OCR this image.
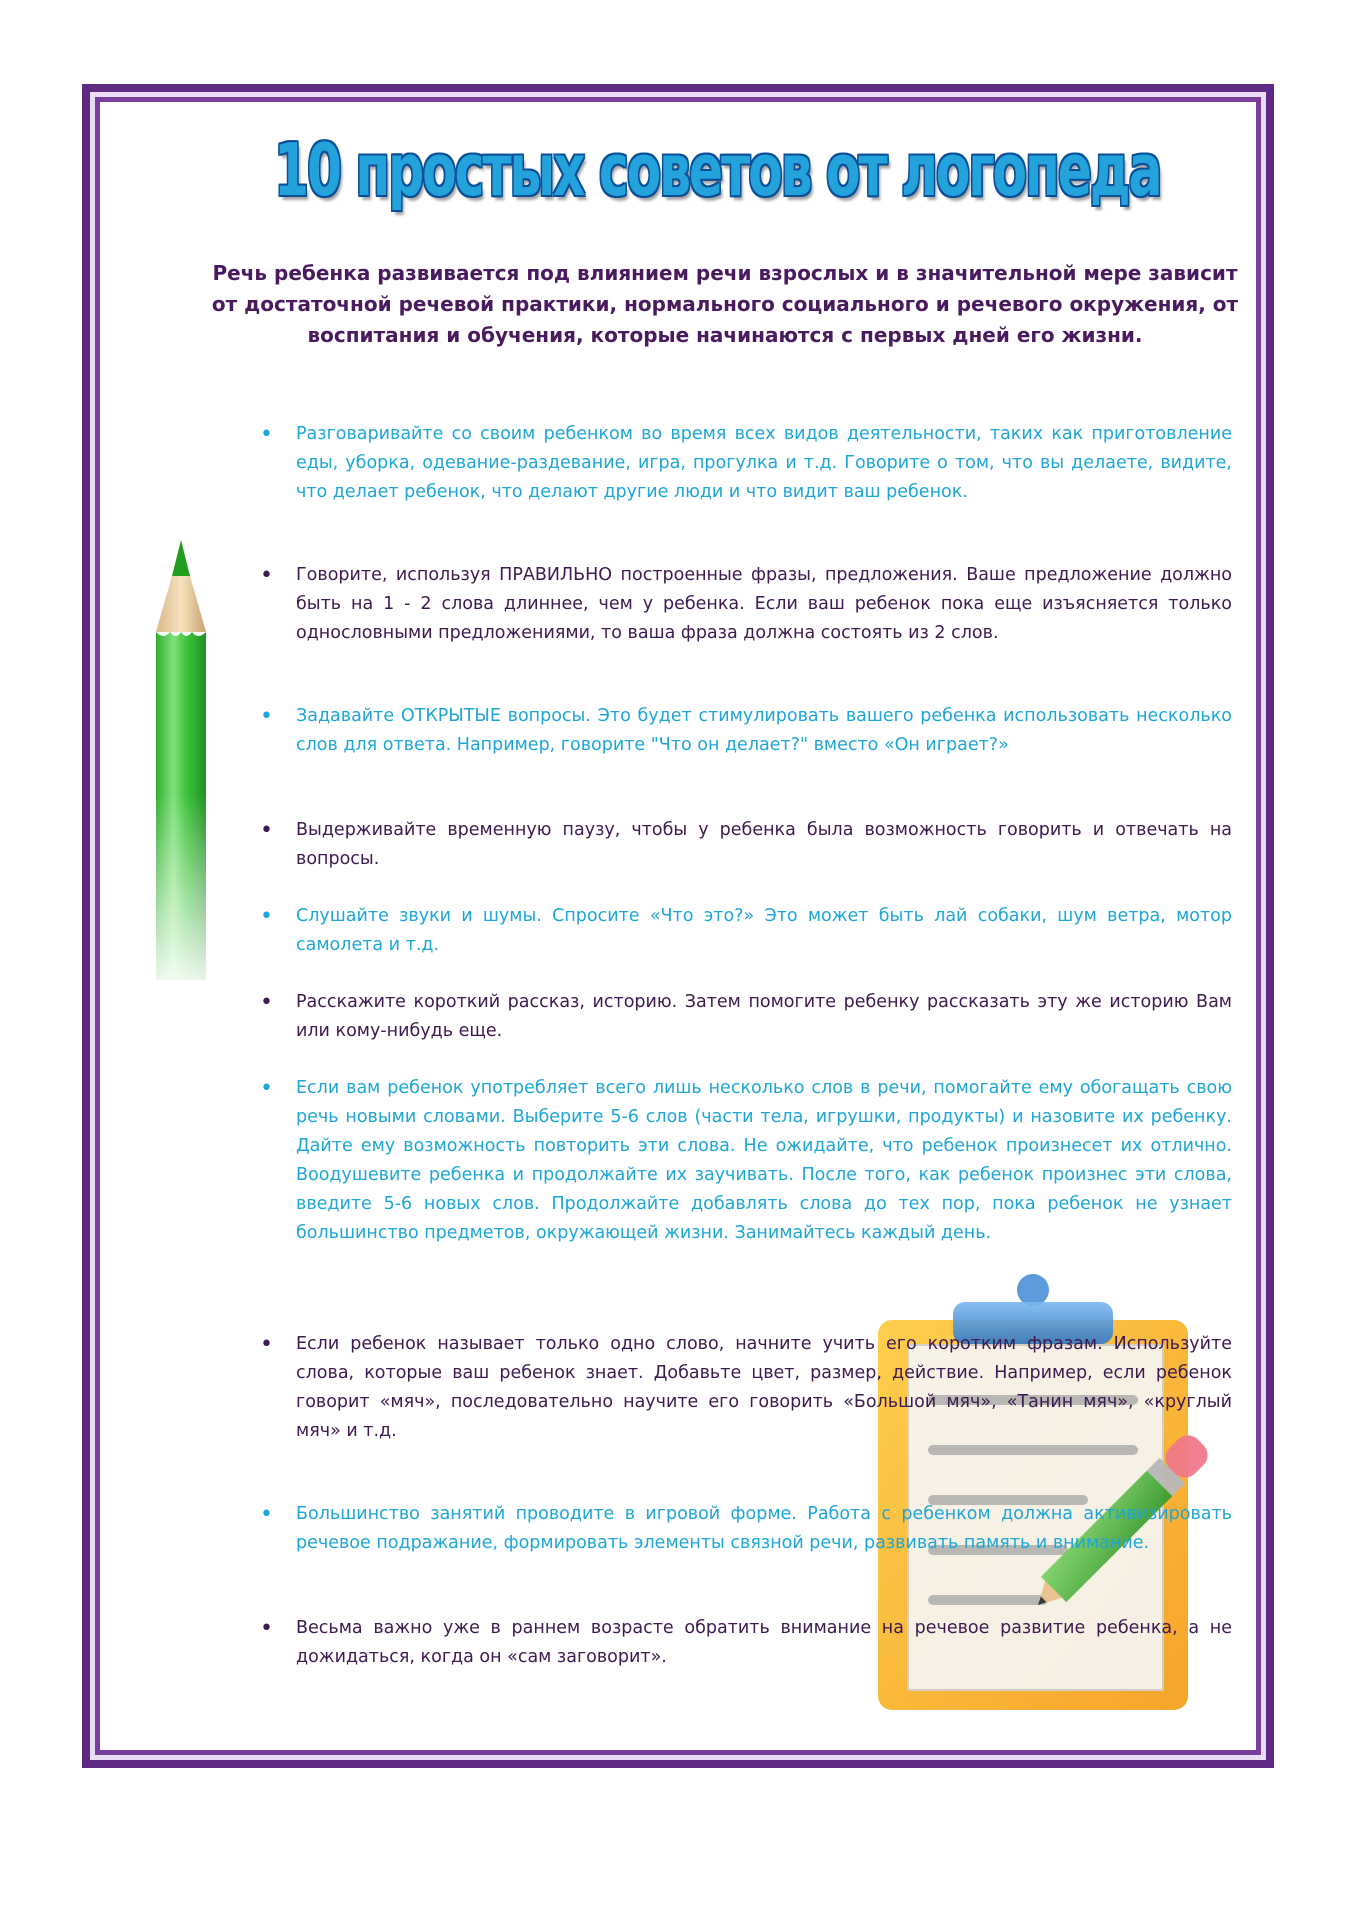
10 простых советов от логопеда
Речь ребенка развивается под влиянием речи взрослых и в значительной мере зависит от достаточной речевой практики, нормального социального и речевого окружения, от воспитания и обучения, которые начинаются с первых дней его жизни.
• Разговаривайте со своим ребенком во время всех видов деятельности, таких как приготовление еды, уборка, одевание-раздевание, игра, прогулка и т.д. Говорите о том, что вы делаете, видите, что делает ребенок, что делают другие люди и что видит ваш ребенок.
• Говорите, используя ПРАВИЛЬНО построенные фразы, предложения. Ваше предложение должно быть на 1 - 2 слова длиннее, чем у ребенка. Если ваш ребенок пока еще изъясняется только однословными предложениями, то ваша фраза должна состоять из 2 слов.
• Задавайте ОТКРЫТЫЕ вопросы. Это будет стимулировать вашего ребенка использовать несколько слов для ответа. Например, говорите "Что он делает?" вместо «Он играет?»
• Выдерживайте временную паузу, чтобы у ребенка была возможность говорить и отвечать на вопросы.
• Слушайте звуки и шумы. Спросите «Что это?» Это может быть лай собаки, шум ветра, мотор самолета и т.д.
• Расскажите короткий рассказ, историю. Затем помогите ребенку рассказать эту же историю Вам или кому-нибудь еще.
• Если вам ребенок употребляет всего лишь несколько слов в речи, помогайте ему обогащать свою речь новыми словами. Выберите 5-6 слов (части тела, игрушки, продукты) и назовите их ребенку. Дайте ему возможность повторить эти слова. Не ожидайте, что ребенок произнесет их отлично. Воодушевите ребенка и продолжайте их заучивать. После того, как ребенок произнес эти слова, введите 5-6 новых слов. Продолжайте добавлять слова до тех пор, пока ребенок не узнает большинство предметов, окружающей жизни. Занимайтесь каждый день.
• Если ребенок называет только одно слово, начните учить его коротким фразам. Используйте слова, которые ваш ребенок знает. Добавьте цвет, размер, действие. Например, если ребенок говорит «мяч», последовательно научите его говорить «Большой мяч», «Танин мяч», «круглый мяч» и т.д.
• Большинство занятий проводите в игровой форме. Работа с ребенком должна активизировать речевое подражание, формировать элементы связной речи, развивать память и внимание.
• Весьма важно уже в раннем возрасте обратить внимание на речевое развитие ребенка, а не дожидаться, когда он «сам заговорит».
